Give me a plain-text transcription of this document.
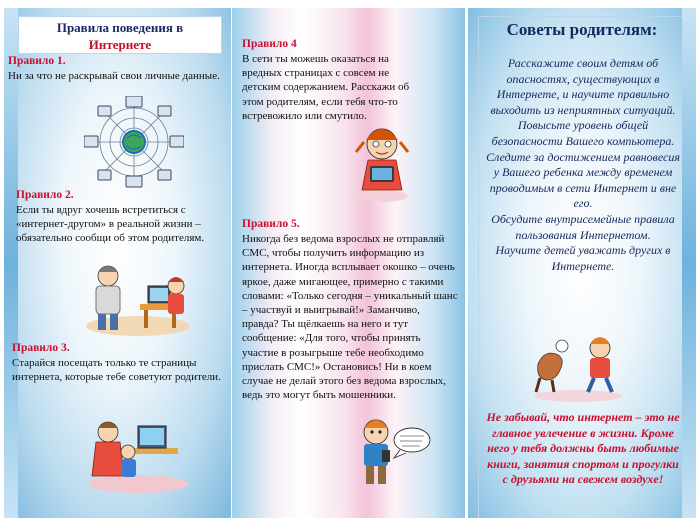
Правила поведения в
Интернете
Правило 1.
Ни за что не раскрывай свои личные данные.
Правило 2.
Если ты вдруг хочешь встретиться с «интернет-другом» в реальной жизни – обязательно сообщи об этом родителям.
Правило 3.
Старайся посещать только те страницы интернета, которые тебе советуют родители.
Правило 4
В сети ты можешь оказаться на вредных страницах с совсем не детским содержанием. Расскажи об этом родителям, если тебя что-то встревожило или смутило.
Правило 5.
Никогда без ведома взрослых не отправляй СМС, чтобы получить информацию из интернета. Иногда всплывает окошко – очень яркое, даже мигающее, примерно с такими словами: «Только сегодня – уникальный шанс – участвуй и выигрывай!» Заманчиво, правда? Ты щёлкаешь на него и тут сообщение: «Для того, чтобы принять участие в розыгрыше тебе необходимо прислать СМС!» Остановись! Ни в коем случае не делай этого без ведома взрослых, ведь это могут быть мошенники.
Советы родителям:
Расскажите своим детям об опасностях, существующих в Интернете, и научите правильно выходить из неприятных ситуаций.
Повысьте уровень общей безопасности Вашего компьютера.
Следите за достижением равновесия у Вашего ребенка между временем проводимым в сети Интернет и вне его.
Обсудите внутрисемейные правила пользования Интернетом.
Научите детей уважать других в Интернете.
Не забывай, что интернет – это не главное увлечение в жизни. Кроме него у тебя должны быть любимые книги, занятия спортом и прогулки с друзьями на свежем воздухе!
